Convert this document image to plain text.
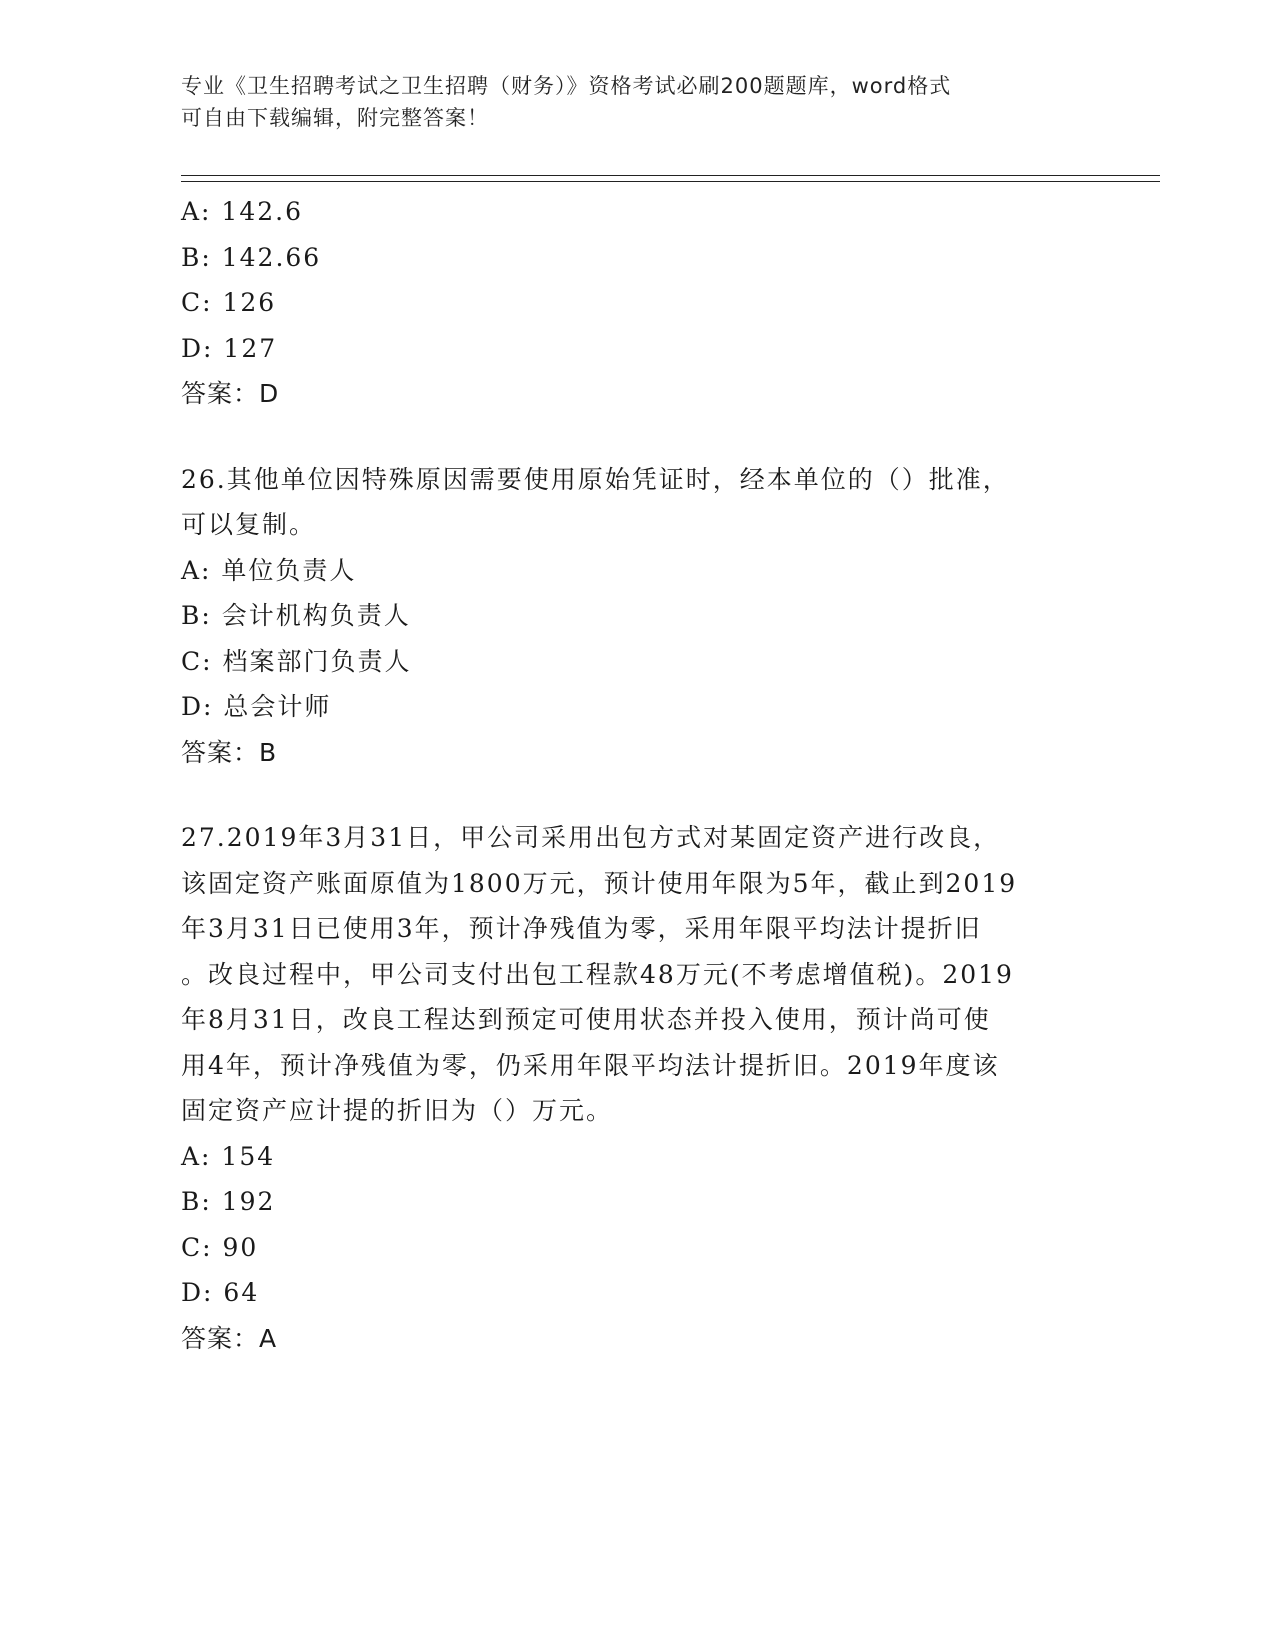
专业《卫生招聘考试之卫生招聘（财务）》资格考试必刷200题题库，word格式
可自由下载编辑，附完整答案！
A: 142.6
B: 142.66
C: 126
D: 127
答案：D
26.其他单位因特殊原因需要使用原始凭证时，经本单位的（）批准，
可以复制。
A: 单位负责人
B: 会计机构负责人
C: 档案部门负责人
D: 总会计师
答案：B
27.2019年3月31日，甲公司采用出包方式对某固定资产进行改良，
该固定资产账面原值为1800万元，预计使用年限为5年，截止到2019
年3月31日已使用3年，预计净残值为零，采用年限平均法计提折旧
。改良过程中，甲公司支付出包工程款48万元(不考虑增值税)。2019
年8月31日，改良工程达到预定可使用状态并投入使用，预计尚可使
用4年，预计净残值为零，仍采用年限平均法计提折旧。2019年度该
固定资产应计提的折旧为（）万元。
A: 154
B: 192
C: 90
D: 64
答案：A
